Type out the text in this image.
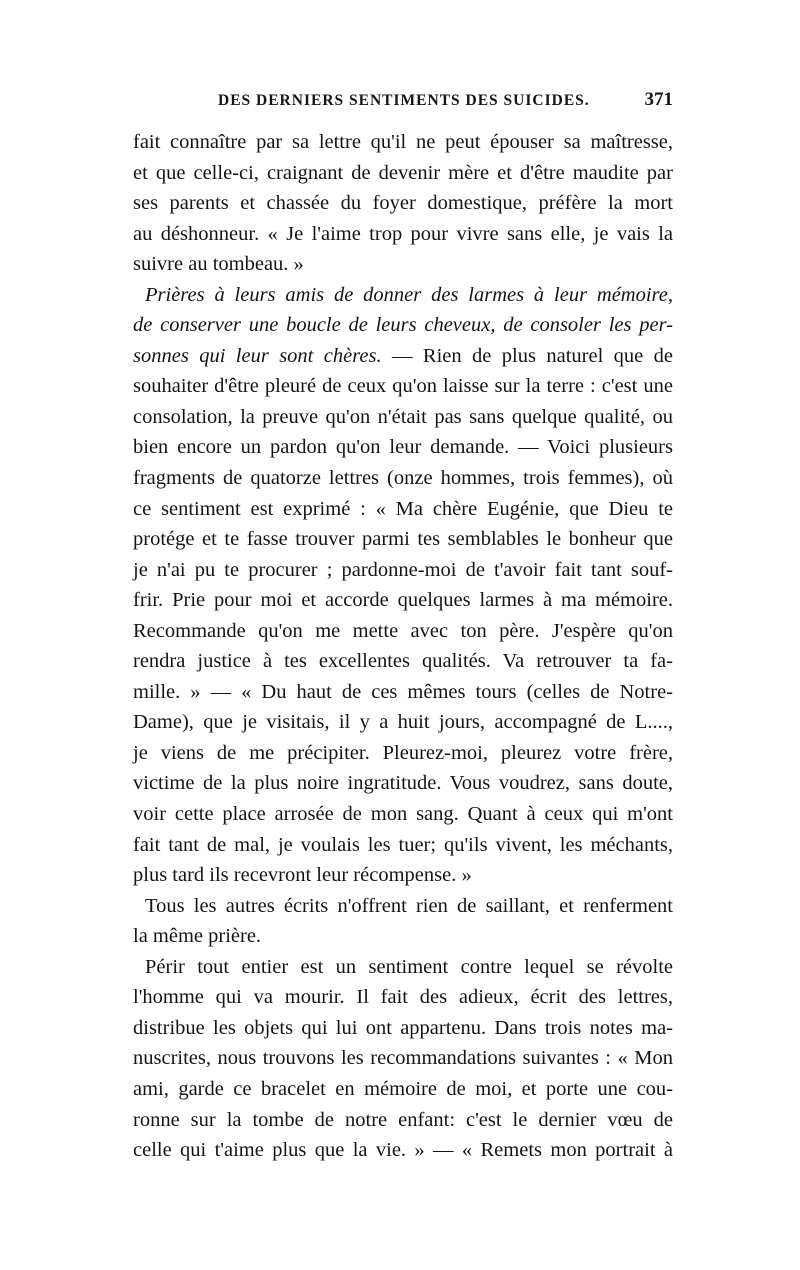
DES DERNIERS SENTIMENTS DES SUICIDES.	371
fait connaître par sa lettre qu'il ne peut épouser sa maîtresse,
et que celle-ci, craignant de devenir mère et d'être maudite par
ses parents et chassée du foyer domestique, préfère la mort
au déshonneur. « Je l'aime trop pour vivre sans elle, je vais la
suivre au tombeau. »
Prières à leurs amis de donner des larmes à leur mémoire,
de conserver une boucle de leurs cheveux, de consoler les per-
sonnes qui leur sont chères. — Rien de plus naturel que de
souhaiter d'être pleuré de ceux qu'on laisse sur la terre : c'est une
consolation, la preuve qu'on n'était pas sans quelque qualité, ou
bien encore un pardon qu'on leur demande. — Voici plusieurs
fragments de quatorze lettres (onze hommes, trois femmes), où
ce sentiment est exprimé : « Ma chère Eugénie, que Dieu te
protége et te fasse trouver parmi tes semblables le bonheur que
je n'ai pu te procurer ; pardonne-moi de t'avoir fait tant souf-
frir. Prie pour moi et accorde quelques larmes à ma mémoire.
Recommande qu'on me mette avec ton père. J'espère qu'on
rendra justice à tes excellentes qualités. Va retrouver ta fa-
mille. » — « Du haut de ces mêmes tours (celles de Notre-
Dame), que je visitais, il y a huit jours, accompagné de L....,
je viens de me précipiter. Pleurez-moi, pleurez votre frère,
victime de la plus noire ingratitude. Vous voudrez, sans doute,
voir cette place arrosée de mon sang. Quant à ceux qui m'ont
fait tant de mal, je voulais les tuer; qu'ils vivent, les méchants,
plus tard ils recevront leur récompense. »
Tous les autres écrits n'offrent rien de saillant, et renferment
la même prière.
Périr tout entier est un sentiment contre lequel se révolte
l'homme qui va mourir. Il fait des adieux, écrit des lettres,
distribue les objets qui lui ont appartenu. Dans trois notes ma-
nuscrites, nous trouvons les recommandations suivantes : « Mon
ami, garde ce bracelet en mémoire de moi, et porte une cou-
ronne sur la tombe de notre enfant: c'est le dernier vœu de
celle qui t'aime plus que la vie. » — « Remets mon portrait à
